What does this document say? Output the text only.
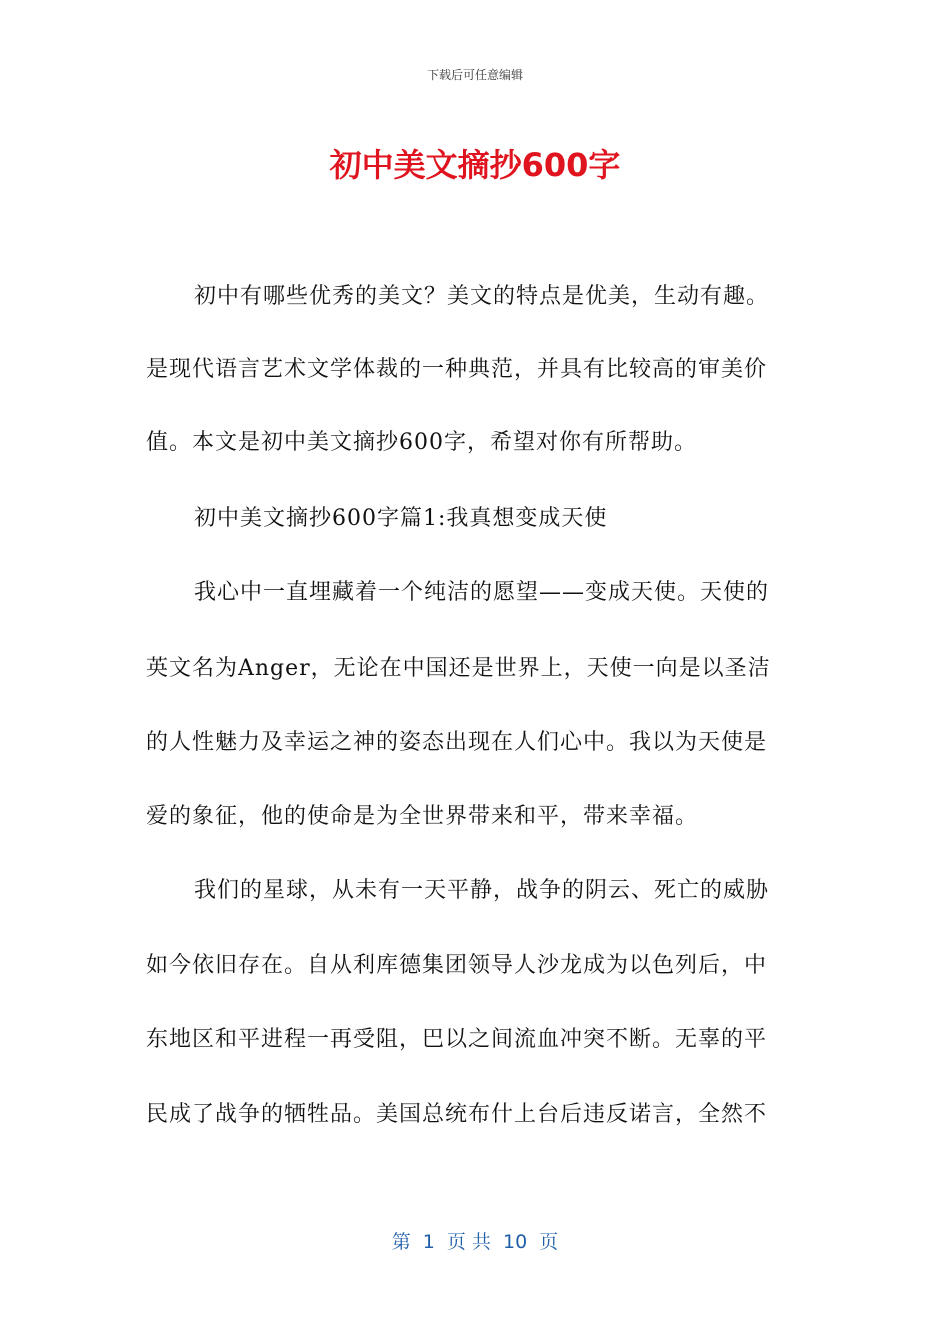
下载后可任意编辑
初中美文摘抄600字
初中有哪些优秀的美文？美文的特点是优美，生动有趣。
是现代语言艺术文学体裁的一种典范，并具有比较高的审美价
值。本文是初中美文摘抄600字，希望对你有所帮助。
初中美文摘抄600字篇1:我真想变成天使
我心中一直埋藏着一个纯洁的愿望——变成天使。天使的
英文名为Anger，无论在中国还是世界上，天使一向是以圣洁
的人性魅力及幸运之神的姿态出现在人们心中。我以为天使是
爱的象征，他的使命是为全世界带来和平，带来幸福。
我们的星球，从未有一天平静，战争的阴云、死亡的威胁
如今依旧存在。自从利库德集团领导人沙龙成为以色列后，中
东地区和平进程一再受阻，巴以之间流血冲突不断。无辜的平
民成了战争的牺牲品。美国总统布什上台后违反诺言，全然不
第  1  页 共  10  页
